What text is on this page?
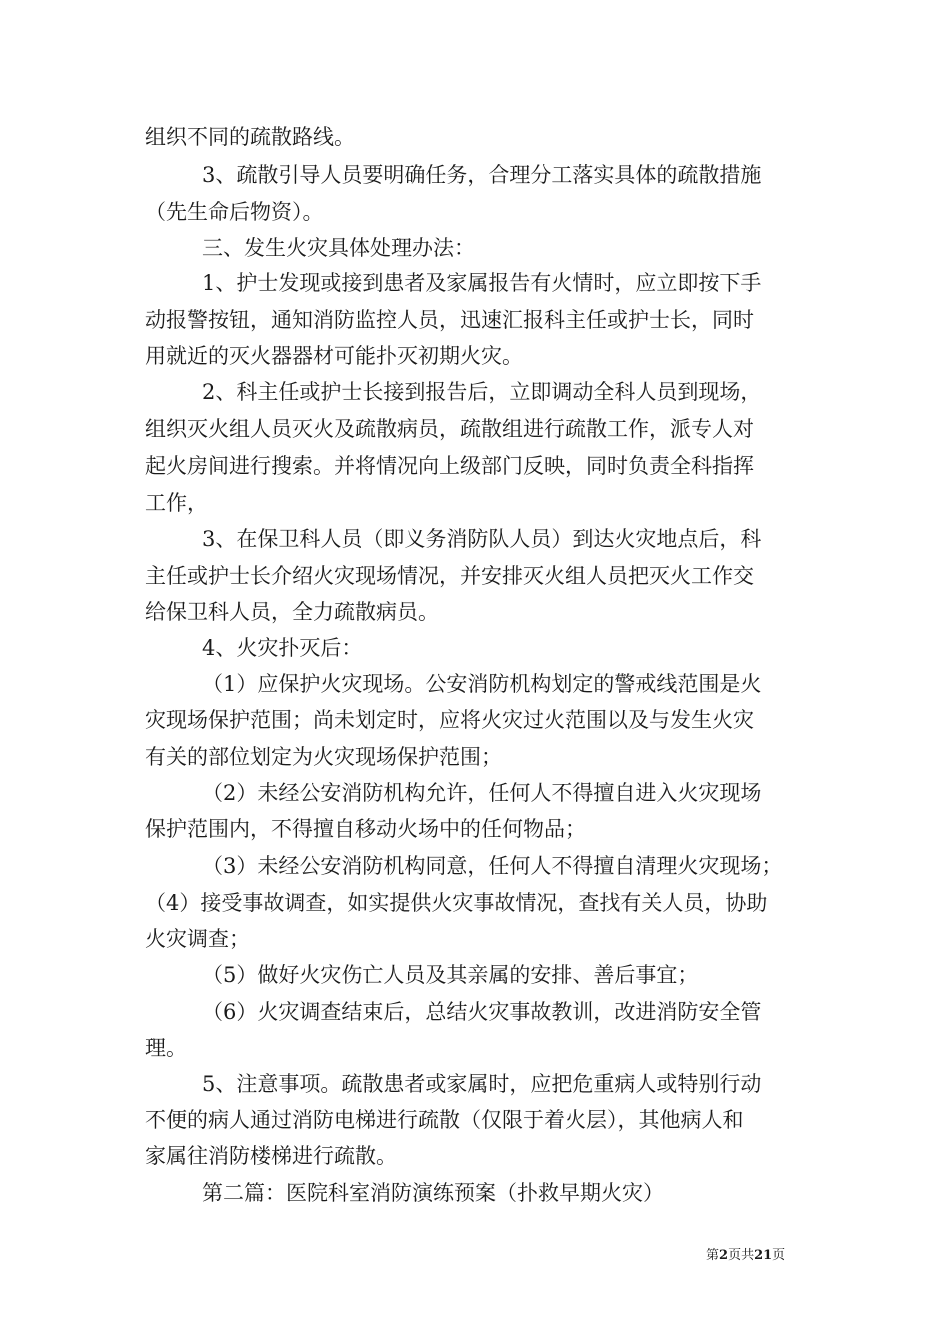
组织不同的疏散路线。
3、疏散引导人员要明确任务，合理分工落实具体的疏散措施
（先生命后物资）。
三、发生火灾具体处理办法：
1、护士发现或接到患者及家属报告有火情时，应立即按下手
动报警按钮，通知消防监控人员，迅速汇报科主任或护士长，同时
用就近的灭火器器材可能扑灭初期火灾。
2、科主任或护士长接到报告后，立即调动全科人员到现场，
组织灭火组人员灭火及疏散病员，疏散组进行疏散工作，派专人对
起火房间进行搜索。并将情况向上级部门反映，同时负责全科指挥
工作，
3、在保卫科人员（即义务消防队人员）到达火灾地点后，科
主任或护士长介绍火灾现场情况，并安排灭火组人员把灭火工作交
给保卫科人员，全力疏散病员。
4、火灾扑灭后：
（1）应保护火灾现场。公安消防机构划定的警戒线范围是火
灾现场保护范围；尚未划定时，应将火灾过火范围以及与发生火灾
有关的部位划定为火灾现场保护范围；
（2）未经公安消防机构允许，任何人不得擅自进入火灾现场
保护范围内，不得擅自移动火场中的任何物品；
（3）未经公安消防机构同意，任何人不得擅自清理火灾现场；
（4）接受事故调查，如实提供火灾事故情况，查找有关人员，协助
火灾调查；
（5）做好火灾伤亡人员及其亲属的安排、善后事宜；
（6）火灾调查结束后，总结火灾事故教训，改进消防安全管
理。
5、注意事项。疏散患者或家属时，应把危重病人或特别行动
不便的病人通过消防电梯进行疏散（仅限于着火层），其他病人和
家属往消防楼梯进行疏散。
第二篇：医院科室消防演练预案（扑救早期火灾）
第2页共21页
